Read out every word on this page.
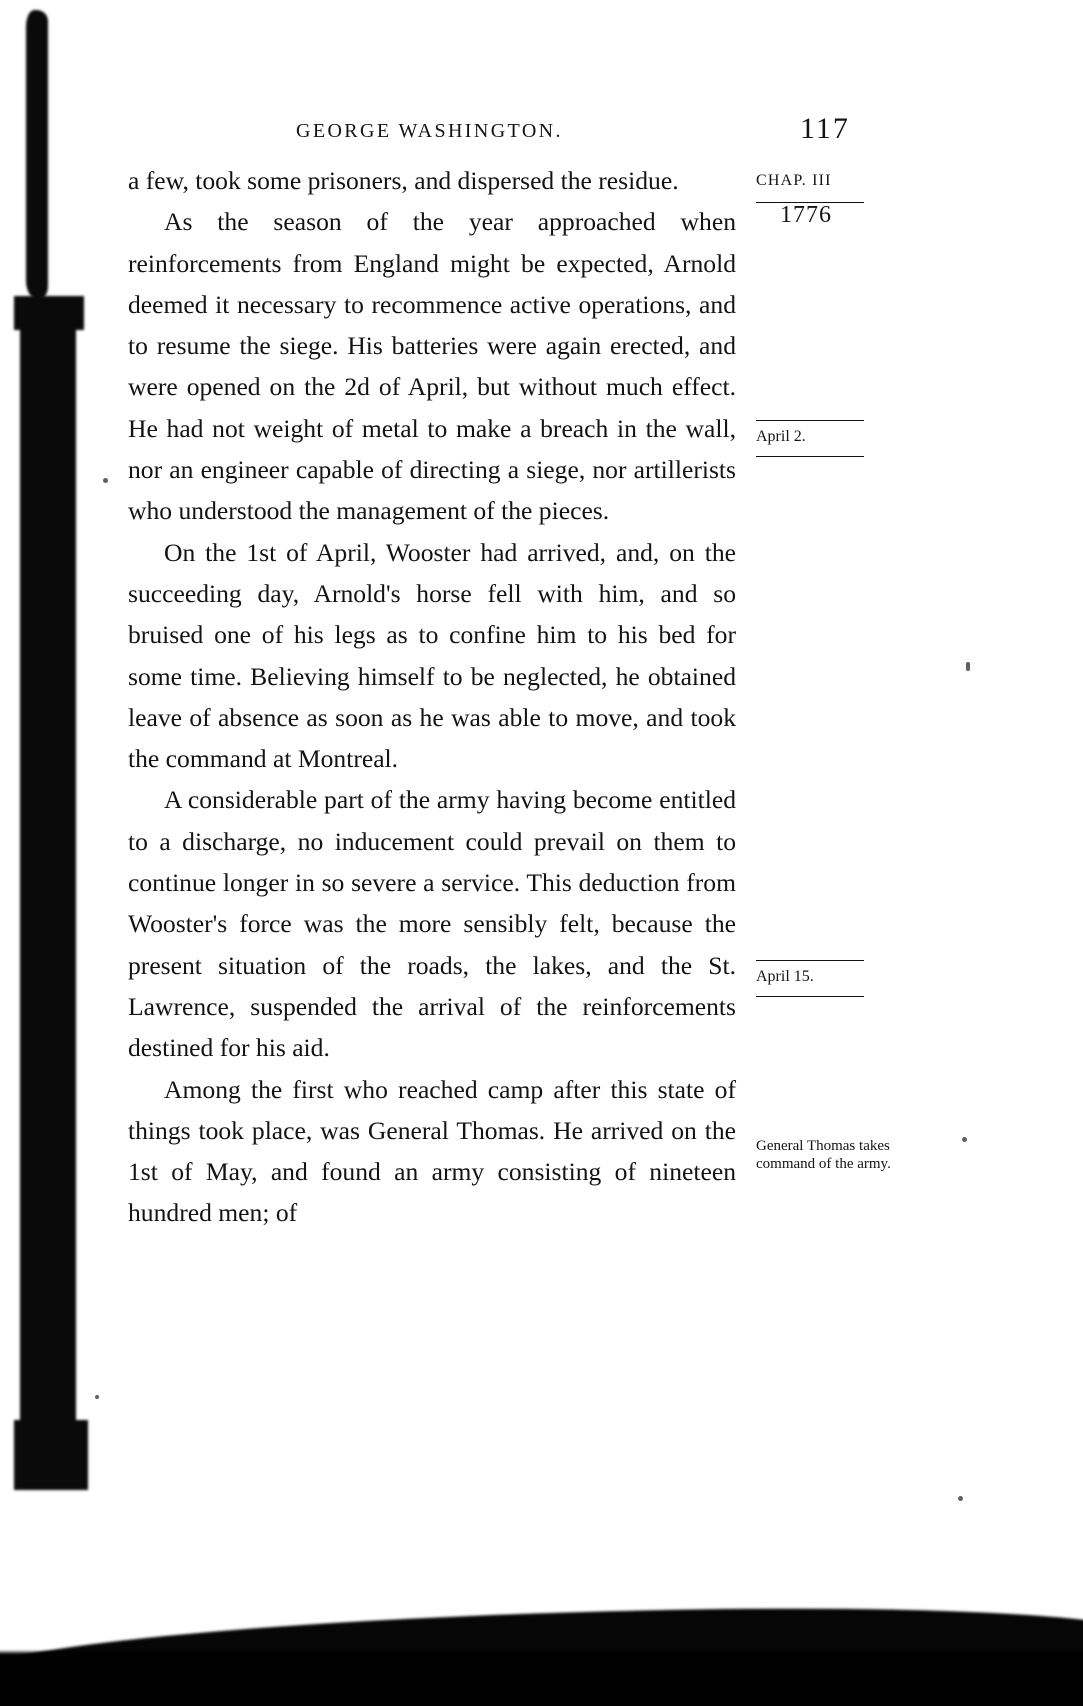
GEORGE WASHINGTON.	117

a few, took some prisoners, and dispersed the residue.

As the season of the year approached when reinforcements from England might be expected, Arnold deemed it necessary to recommence active operations, and to resume the siege. His batteries were again erected, and were opened on the 2d of April, but without much effect. He had not weight of metal to make a breach in the wall, nor an engineer capable of directing a siege, nor artillerists who understood the management of the pieces.

On the 1st of April, Wooster had arrived, and, on the succeeding day, Arnold's horse fell with him, and so bruised one of his legs as to confine him to his bed for some time. Believing himself to be neglected, he obtained leave of absence as soon as he was able to move, and took the command at Montreal.

A considerable part of the army having become entitled to a discharge, no inducement could prevail on them to continue longer in so severe a service. This deduction from Wooster's force was the more sensibly felt, because the present situation of the roads, the lakes, and the St. Lawrence, suspended the arrival of the reinforcements destined for his aid.

Among the first who reached camp after this state of things took place, was General Thomas. He arrived on the 1st of May, and found an army consisting of nineteen hundred men; of

CHAP. III
1776
April 2.
April 15.
General Thomas takes command of the army.
